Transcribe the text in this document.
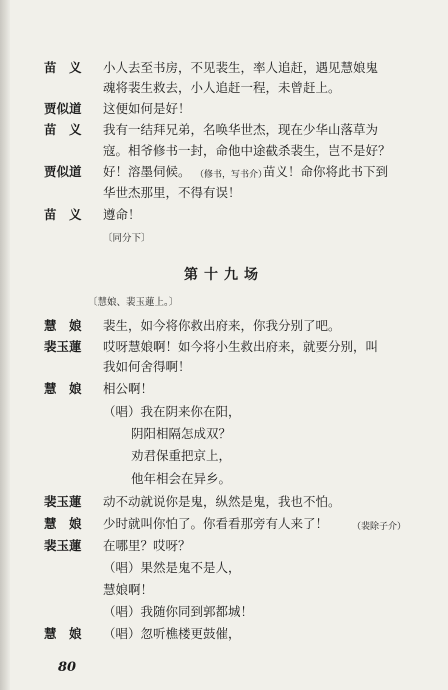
苗　义 小人去至书房，不见裴生，率人追赶，遇见慧娘鬼
魂将裴生救去，小人追赶一程，未曾赶上。
贾似道 这便如何是好！
苗　义 我有一结拜兄弟，名唤华世杰，现在少华山落草为
寇。相爷修书一封，命他中途截杀裴生，岂不是好？
贾似道 好！溶墨伺候。 （修书，写书介）
苗义！命你将此书下到
华世杰那里，不得有误！
苗　义 遵命！
〔同分下〕
第十九场
〔慧娘、裴玉蓮上。〕
慧　娘 裴生，如今将你救出府来，你我分别了吧。
裴玉蓮 哎呀慧娘啊！如今将小生救出府来，就要分别，叫
我如何舍得啊！
慧　娘 相公啊！
（唱）我在阴来你在阳，
阴阳相隔怎成双？
劝君保重把京上，
他年相会在异乡。
裴玉蓮 动不动就说你是鬼，纵然是鬼，我也不怕。
慧　娘 少时就叫你怕了。你看看那旁有人来了！	（裴除子介）
裴玉蓮 在哪里？哎呀？
（唱）果然是鬼不是人，
慧娘啊！
（唱）我随你同到郭都城！
慧　娘 （唱）忽听樵楼更鼓催，
80
